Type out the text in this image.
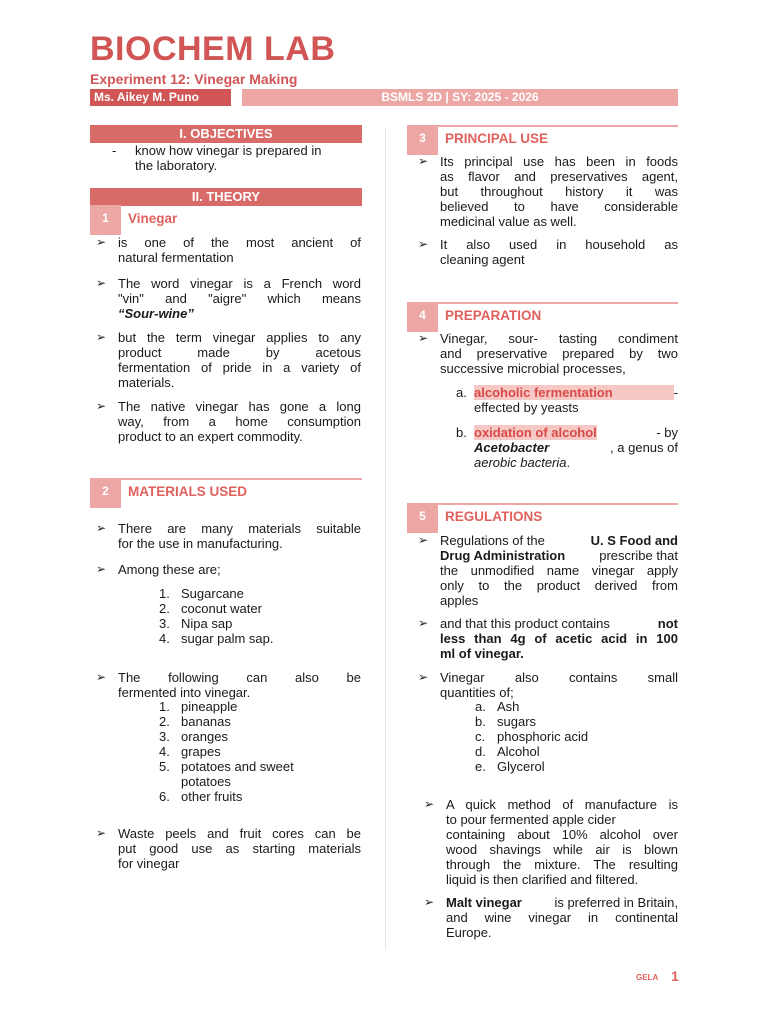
BIOCHEM LAB
Experiment 12: Vinegar Making
Ms. Aikey M. Puno	BSMLS 2D | SY: 2025 - 2026
I. OBJECTIVES
- know how vinegar is prepared in
the laboratory.
II. THEORY
1	Vinegar
➢ is one of the most ancient of
natural fermentation
➢ The word vinegar is a French word
"vin" and "aigre" which means
“Sour-wine”
➢ but the term vinegar applies to any
product made by acetous
fermentation of pride in a variety of
materials.
➢ The native vinegar has gone a long
way, from a home consumption
product to an expert commodity.
2	MATERIALS USED
➢ There are many materials suitable
for the use in manufacturing.
➢ Among these are;
1. Sugarcane
2. coconut water
3. Nipa sap
4. sugar palm sap.
➢ The following can also be
fermented into vinegar.
1. pineapple
2. bananas
3. oranges
4. grapes
5. potatoes and sweet
potatoes
6. other fruits
➢ Waste peels and fruit cores can be
put good use as starting materials
for vinegar
3	PRINCIPAL USE
➢ Its principal use has been in foods
as flavor and preservatives agent,
but throughout history it was
believed to have considerable
medicinal value as well.
➢ It also used in household as
cleaning agent
4	PREPARATION
➢ Vinegar, sour- tasting condiment
and preservative prepared by two
successive microbial processes,
a. alcoholic fermentation	-
effected by yeasts
b. oxidation of alcohol	- by
Acetobacter	, a genus of
aerobic bacteria.
5	REGULATIONS
➢ Regulations of the	U. S Food and
Drug Administration	prescribe that
the unmodified name vinegar apply
only to the product derived from
apples
➢ and that this product contains	not
less than 4g of acetic acid in 100
ml of vinegar.
➢ Vinegar also contains small
quantities of;
a. Ash
b. sugars
c. phosphoric acid
d. Alcohol
e. Glycerol
➢ A quick method of manufacture is
to pour fermented apple cider
containing about 10% alcohol over
wood shavings while air is blown
through the mixture. The resulting
liquid is then clarified and filtered.
➢ Malt vinegar	is preferred in Britain,
and wine vinegar in continental
Europe.
GELA 1
